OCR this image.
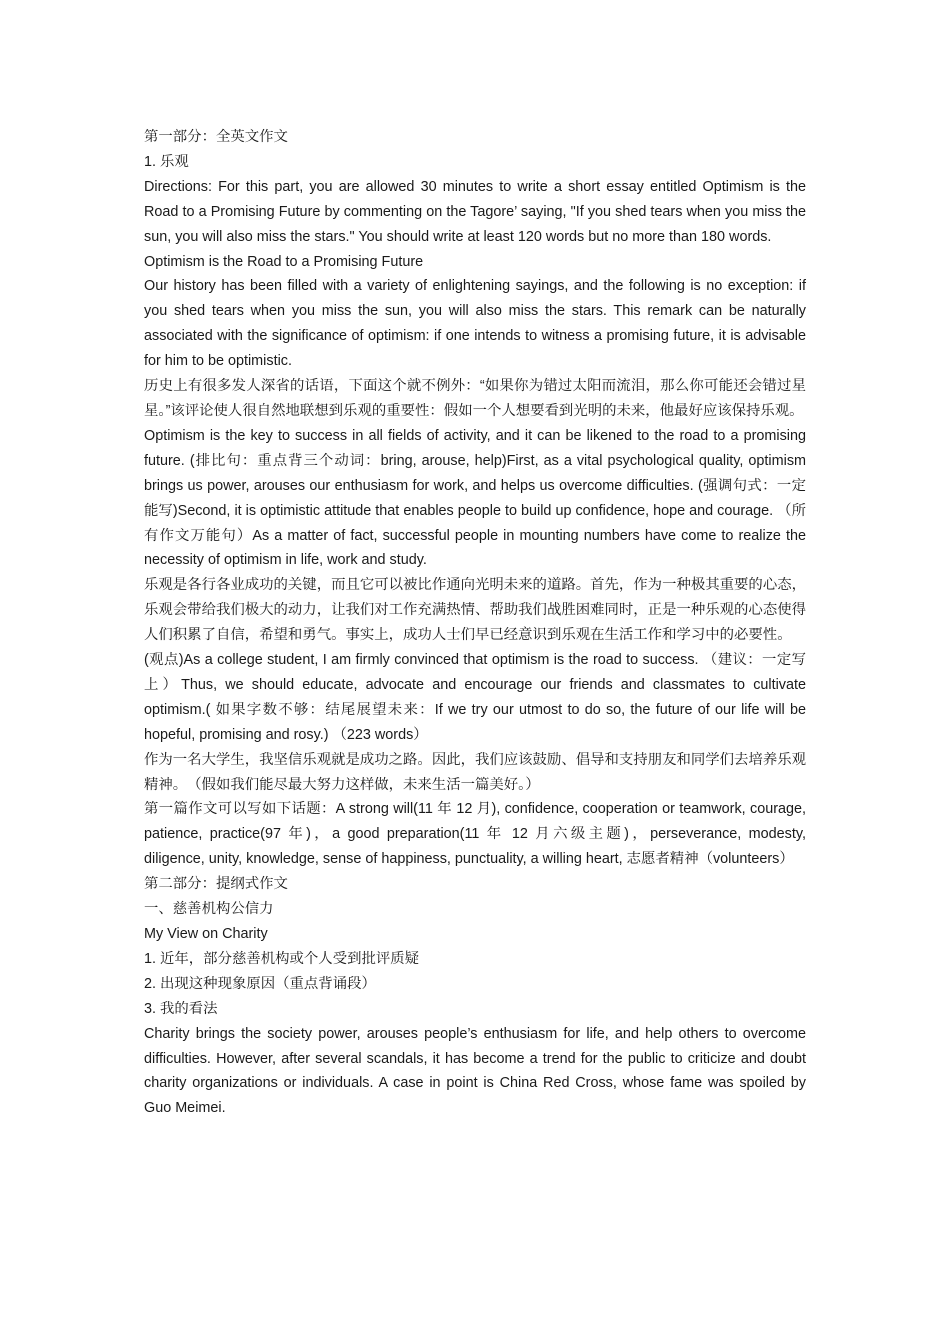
第一部分：全英文作文

1. 乐观

Directions: For this part, you are allowed 30 minutes to write a short essay entitled Optimism is the Road to a Promising Future by commenting on the Tagore’ saying, "If you shed tears when you miss the sun, you will also miss the stars." You should write at least 120 words but no more than 180 words.

Optimism is the Road to a Promising Future

Our history has been filled with a variety of enlightening sayings, and the following is no exception: if you shed tears when you miss the sun, you will also miss the stars. This remark can be naturally associated with the significance of optimism: if one intends to witness a promising future, it is advisable for him to be optimistic.

历史上有很多发人深省的话语，下面这个就不例外：“如果你为错过太阳而流泪，那么你可能还会错过星星。”该评论使人很自然地联想到乐观的重要性：假如一个人想要看到光明的未来，他最好应该保持乐观。

Optimism is the key to success in all fields of activity, and it can be likened to the road to a promising future. (排比句：重点背三个动词：bring, arouse, help)First, as a vital psychological quality, optimism brings us power, arouses our enthusiasm for work, and helps us overcome difficulties. (强调句式：一定能写)Second, it is optimistic attitude that enables people to build up confidence, hope and courage. （所有作文万能句）As a matter of fact, successful people in mounting numbers have come to realize the necessity of optimism in life, work and study.

乐观是各行各业成功的关键，而且它可以被比作通向光明未来的道路。首先，作为一种极其重要的心态，乐观会带给我们极大的动力，让我们对工作充满热情、帮助我们战胜困难同时，正是一种乐观的心态使得人们积累了自信，希望和勇气。事实上，成功人士们早已经意识到乐观在生活工作和学习中的必要性。

(观点)As a college student, I am firmly convinced that optimism is the road to success. （建议：一定写上）Thus, we should educate, advocate and encourage our friends and classmates to cultivate optimism.( 如果字数不够：结尾展望未来：If we try our utmost to do so, the future of our life will be hopeful, promising and rosy.) （223 words）

作为一名大学生，我坚信乐观就是成功之路。因此，我们应该鼓励、倡导和支持朋友和同学们去培养乐观精神。　（假如我们能尽最大努力这样做，未来生活一篇美好。）

第一篇作文可以写如下话题：A strong will(11 年 12 月), confidence, cooperation or teamwork, courage, patience, practice(97 年)，a good preparation(11 年 12 月六级主题)，perseverance, modesty, diligence, unity, knowledge, sense of happiness, punctuality, a willing heart, 志愿者精神（volunteers）

第二部分：提纲式作文

一、慈善机构公信力

My View on Charity

1. 近年，部分慈善机构或个人受到批评质疑

2. 出现这种现象原因（重点背诵段）

3. 我的看法

Charity brings the society power, arouses people’s enthusiasm for life, and help others to overcome difficulties. However, after several scandals, it has become a trend for the public to criticize and doubt charity organizations or individuals. A case in point is China Red Cross, whose fame was spoiled by Guo Meimei.
